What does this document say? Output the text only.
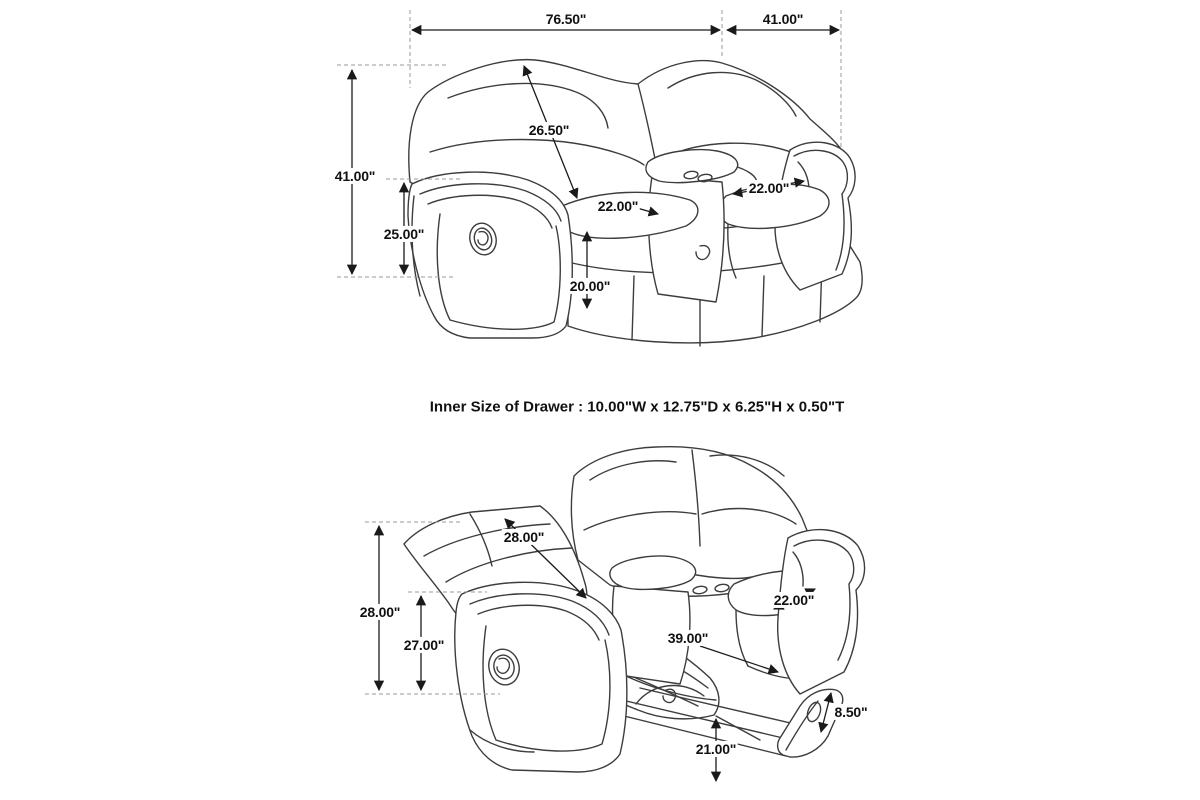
76.50"	41.00"
41.00"
25.00"
26.50"
22.00"
22.00"
20.00"
Inner Size of Drawer : 10.00"W x 12.75"D x 6.25"H x 0.50"T
28.00"
27.00"
28.00"
22.00"
39.00"
8.50"
21.00"
